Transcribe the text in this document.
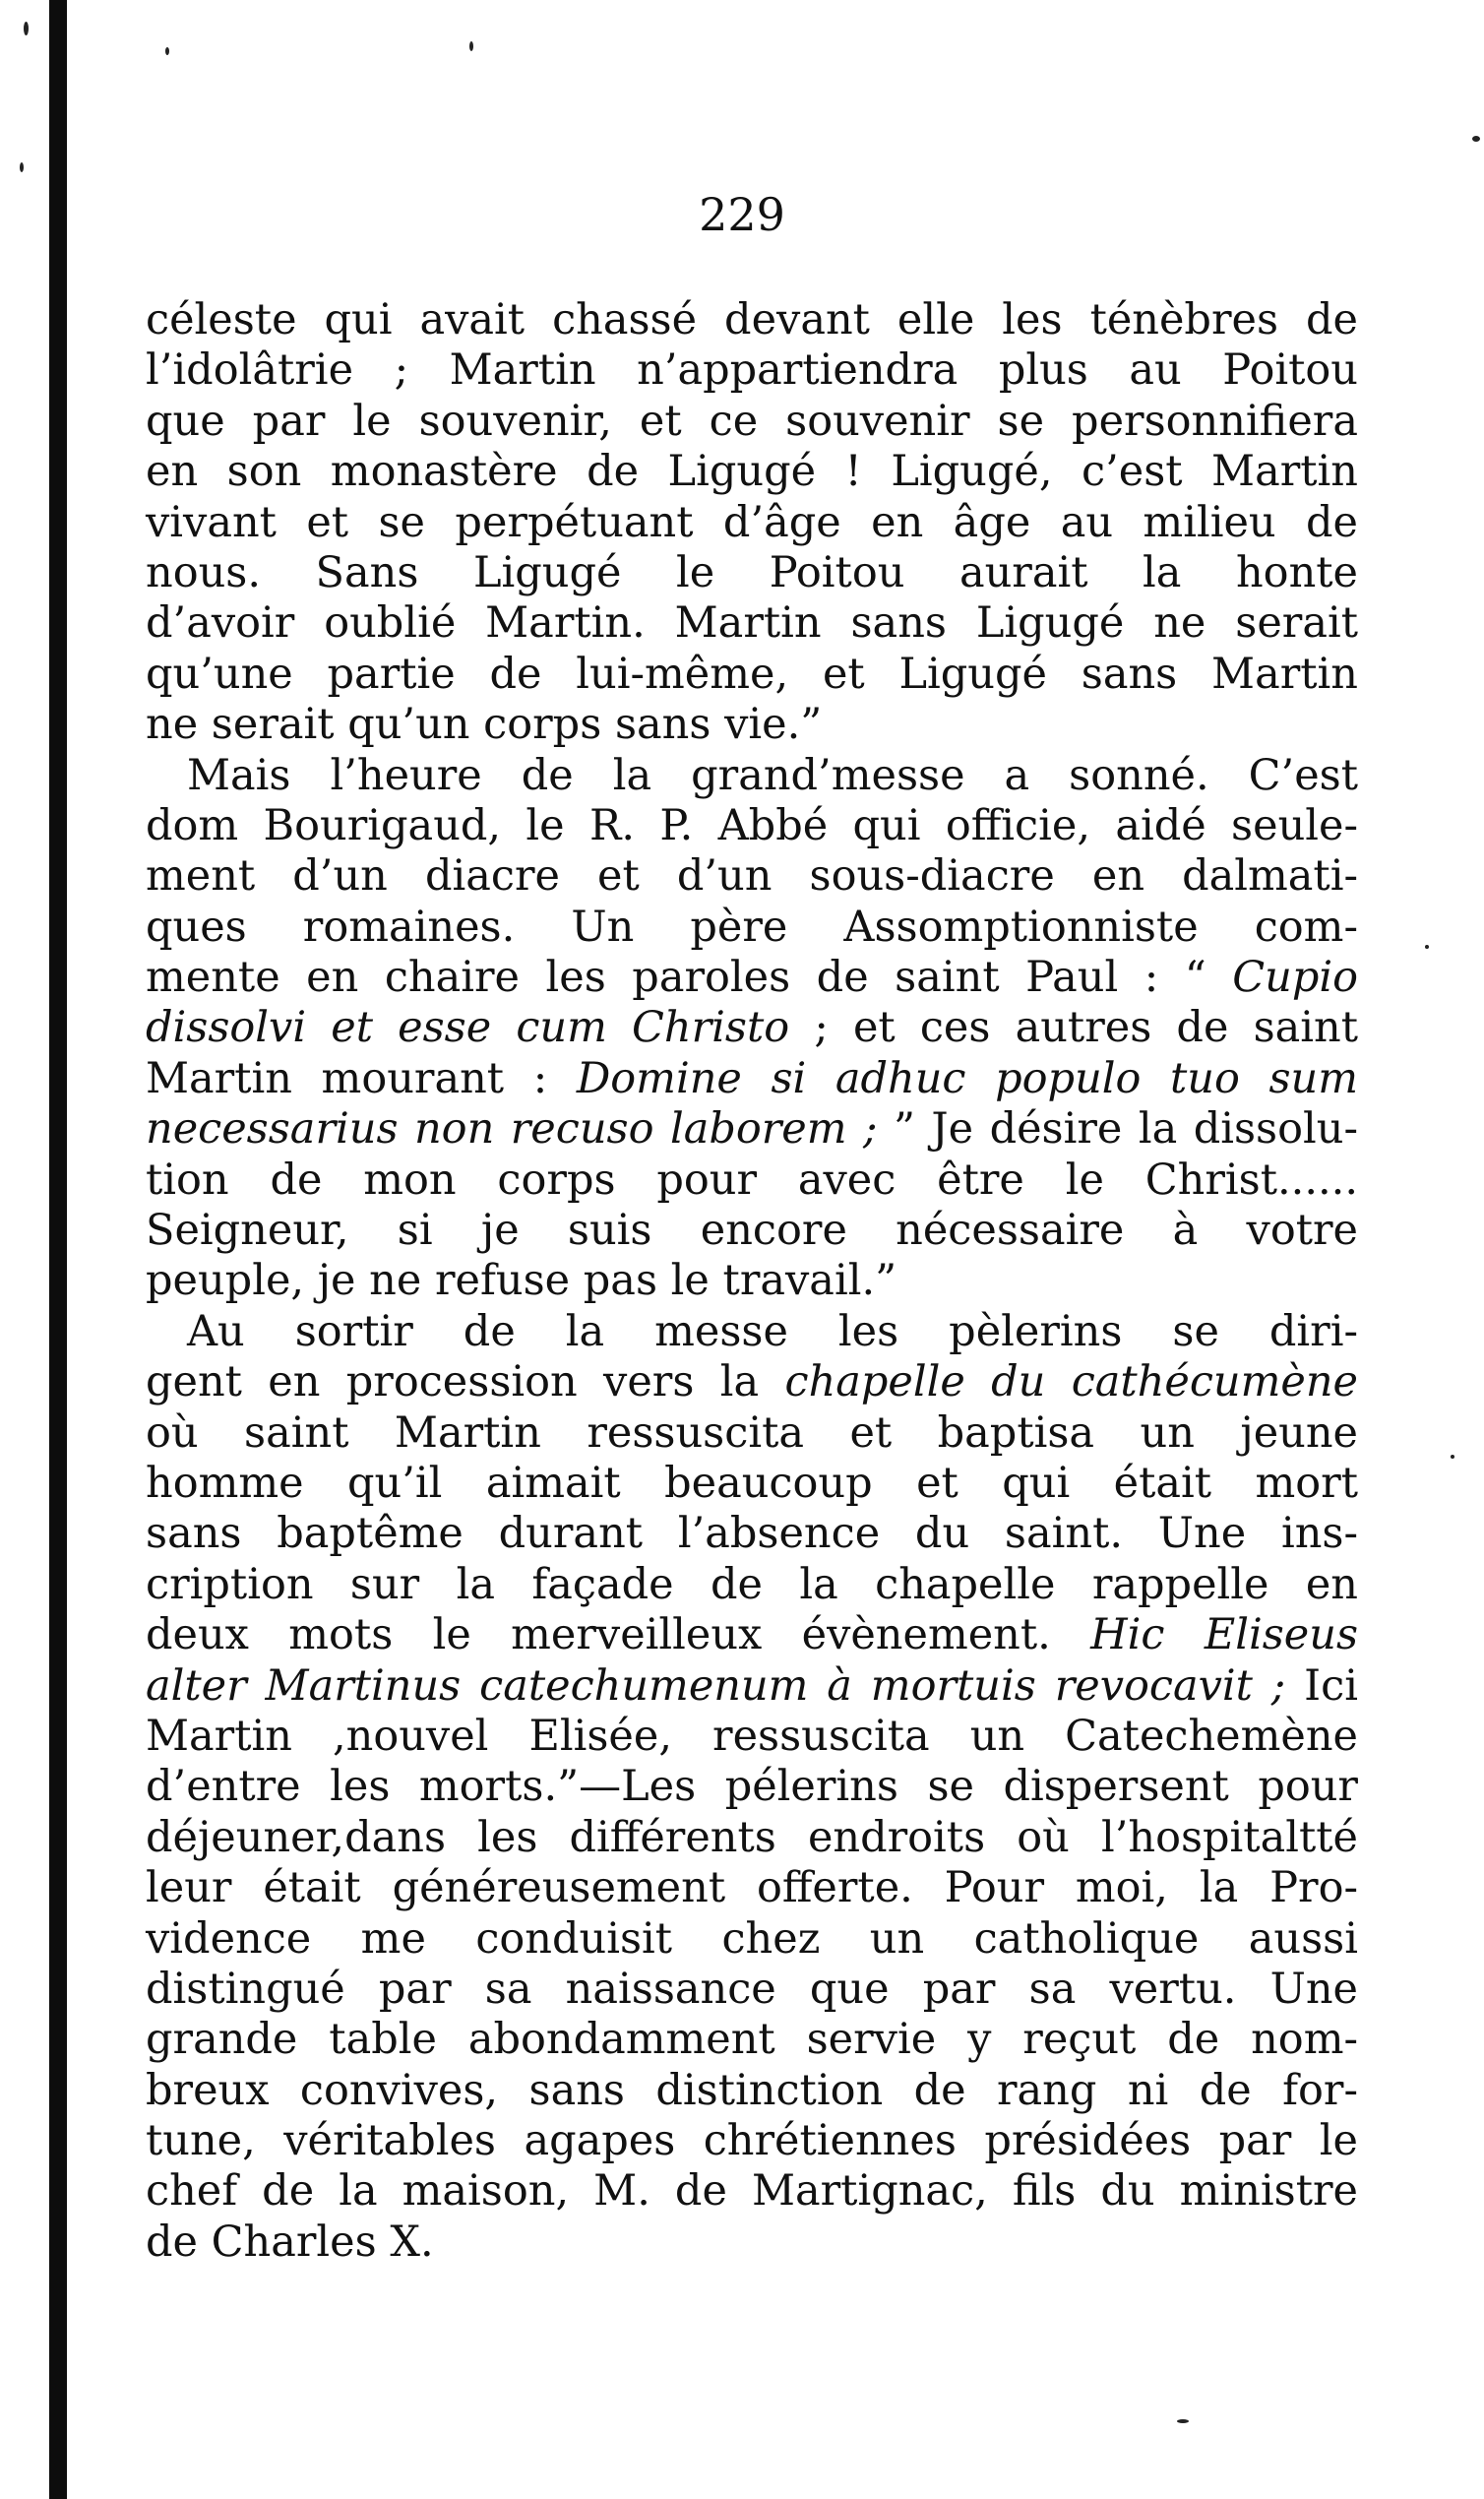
229
céleste qui avait chassé devant elle les ténèbres de
l’idolâtrie ; Martin n’appartiendra plus au Poitou
que par le souvenir, et ce souvenir se personnifiera
en son monastère de Ligugé ! Ligugé, c’est Martin
vivant et se perpétuant d’âge en âge au milieu de
nous. Sans Ligugé le Poitou aurait la honte
d’avoir oublié Martin. Martin sans Ligugé ne serait
qu’une partie de lui-même, et Ligugé sans Martin
ne serait qu’un corps sans vie.”
Mais l’heure de la grand’messe a sonné. C’est
dom Bourigaud, le R. P. Abbé qui officie, aidé seule-
ment d’un diacre et d’un sous-diacre en dalmati-
ques romaines. Un père Assomptionniste com-
mente en chaire les paroles de saint Paul : “ Cupio
dissolvi et esse cum Christo ; et ces autres de saint
Martin mourant : Domine si adhuc populo tuo sum
necessarius non recuso laborem ; ” Je désire la dissolu-
tion de mon corps pour avec être le Christ......
Seigneur, si je suis encore nécessaire à votre
peuple, je ne refuse pas le travail.”
Au sortir de la messe les pèlerins se diri-
gent en procession vers la chapelle du cathécumène
où saint Martin ressuscita et baptisa un jeune
homme qu’il aimait beaucoup et qui était mort
sans baptême durant l’absence du saint. Une ins-
cription sur la façade de la chapelle rappelle en
deux mots le merveilleux évènement. Hic Eliseus
alter Martinus catechumenum à mortuis revocavit ; Ici
Martin ,nouvel Elisée, ressuscita un Catechemène
d’entre les morts.”—Les pélerins se dispersent pour
déjeuner,dans les différents endroits où l’hospitaltté
leur était généreusement offerte. Pour moi, la Pro-
vidence me conduisit chez un catholique aussi
distingué par sa naissance que par sa vertu. Une
grande table abondamment servie y reçut de nom-
breux convives, sans distinction de rang ni de for-
tune, véritables agapes chrétiennes présidées par le
chef de la maison, M. de Martignac, fils du ministre
de Charles X.
